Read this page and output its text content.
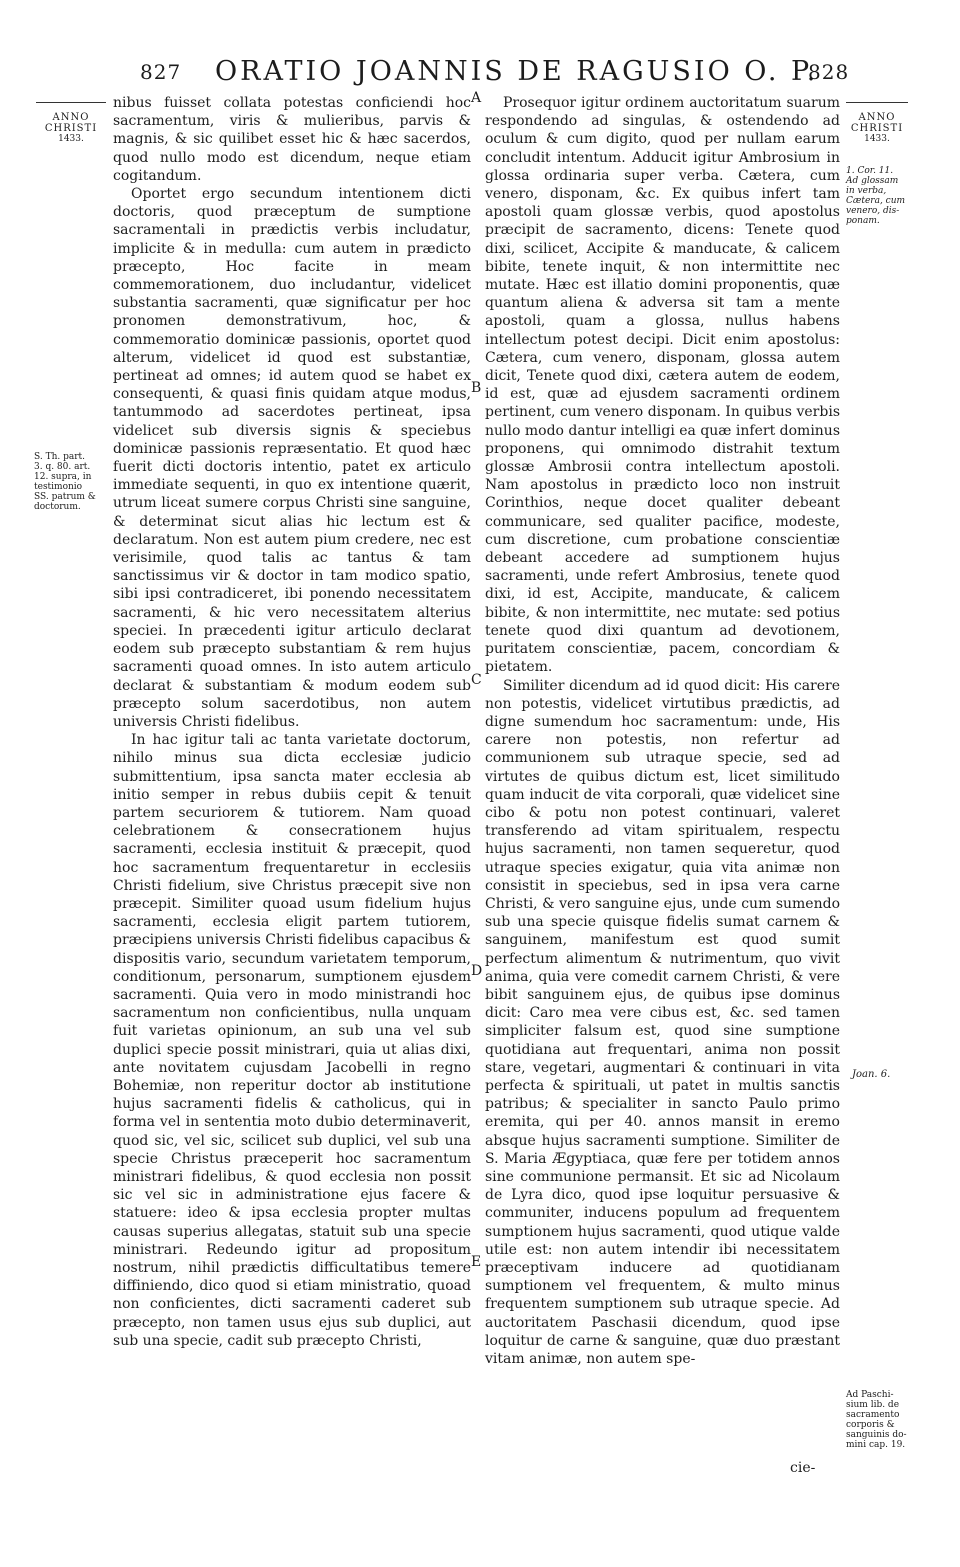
827 ORATIO JOANNIS DE RAGUSIO O. P.
828
ANNO
CHRISTI
1433.
S. Th. part.
3. q. 80. art.
12. supra, in
testimonio
SS. patrum &
doctorum.
ANNO
CHRISTI
1433.
1. Cor. 11.
Ad glossam
in verba,
Cætera, cum
venero, dis-
ponam.
Joan. 6.
Ad Paschi-
sium lib. de
sacramento
corporis &
sanguinis do-
mini cap. 19.
A
B
C
D
E

nibus fuisset collata potestas conficiendi hoc sacramentum, viris & mulieribus, parvis & magnis, & sic quilibet esset hic & hæc sacerdos, quod nullo modo est dicendum, neque etiam cogitandum.

Oportet ergo secundum intentionem dicti doctoris, quod præceptum de sumptione sacramentali in prædictis verbis includatur, implicite & in medulla: cum autem in prædicto præcepto, Hoc facite in meam commemorationem, duo includantur, videlicet substantia sacramenti, quæ significatur per hoc pronomen demonstrativum, hoc, & commemoratio dominicæ passionis, oportet quod alterum, videlicet id quod est substantiæ, pertineat ad omnes; id autem quod se habet ex consequenti, & quasi finis quidam atque modus, tantummodo ad sacerdotes pertineat, ipsa videlicet sub diversis signis & speciebus dominicæ passionis repræsentatio. Et quod hæc fuerit dicti doctoris intentio, patet ex articulo immediate sequenti, in quo ex intentione quærit, utrum liceat sumere corpus Christi sine sanguine, & determinat sicut alias hic lectum est & declaratum. Non est autem pium credere, nec est verisimile, quod talis ac tantus & tam sanctissimus vir & doctor in tam modico spatio, sibi ipsi contradiceret, ibi ponendo necessitatem sacramenti, & hic vero necessitatem alterius speciei. In præcedenti igitur articulo declarat eodem sub præcepto substantiam & rem hujus sacramenti quoad omnes. In isto autem articulo declarat & substantiam & modum eodem sub præcepto solum sacerdotibus, non autem universis Christi fidelibus.

In hac igitur tali ac tanta varietate doctorum, nihilo minus sua dicta ecclesiæ judicio submittentium, ipsa sancta mater ecclesia ab initio semper in rebus dubiis cepit & tenuit partem securiorem & tutiorem. Nam quoad celebrationem & consecrationem hujus sacramenti, ecclesia instituit & præcepit, quod hoc sacramentum frequentaretur in ecclesiis Christi fidelium, sive Christus præcepit sive non præcepit. Similiter quoad usum fidelium hujus sacramenti, ecclesia eligit partem tutiorem, præcipiens universis Christi fidelibus capacibus & dispositis vario, secundum varietatem temporum, conditionum, personarum, sumptionem ejusdem sacramenti. Quia vero in modo ministrandi hoc sacramentum non conficientibus, nulla unquam fuit varietas opinionum, an sub una vel sub duplici specie possit ministrari, quia ut alias dixi, ante novitatem cujusdam Jacobelli in regno Bohemiæ, non reperitur doctor ab institutione hujus sacramenti fidelis & catholicus, qui in forma vel in sententia moto dubio determinaverit, quod sic, vel sic, scilicet sub duplici, vel sub una specie Christus præceperit hoc sacramentum ministrari fidelibus, & quod ecclesia non possit sic vel sic in administratione ejus facere & statuere: ideo & ipsa ecclesia propter multas causas superius allegatas, statuit sub una specie ministrari. Redeundo igitur ad propositum nostrum, nihil prædictis difficultatibus temere diffiniendo, dico quod si etiam ministratio, quoad non conficientes, dicti sacramenti caderet sub præcepto, non tamen usus ejus sub duplici, aut sub una specie, cadit sub præcepto Christi,

Prosequor igitur ordinem auctoritatum suarum respondendo ad singulas, & ostendendo ad oculum & cum digito, quod per nullam earum concludit intentum. Adducit igitur Ambrosium in glossa ordinaria super verba. Cætera, cum venero, disponam, &c. Ex quibus infert tam apostoli quam glossæ verbis, quod apostolus præcipit de sacramento, dicens: Tenete quod dixi, scilicet, Accipite & manducate, & calicem bibite, tenete inquit, & non intermittite nec mutate. Hæc est illatio domini proponentis, quæ quantum aliena & adversa sit tam a mente apostoli, quam a glossa, nullus habens intellectum potest decipi. Dicit enim apostolus: Cætera, cum venero, disponam, glossa autem dicit, Tenete quod dixi, cætera autem de eodem, id est, quæ ad ejusdem sacramenti ordinem pertinent, cum venero disponam. In quibus verbis nullo modo dantur intelligi ea quæ infert dominus proponens, qui omnimodo distrahit textum glossæ Ambrosii contra intellectum apostoli. Nam apostolus in prædicto loco non instruit Corinthios, neque docet qualiter debeant communicare, sed qualiter pacifice, modeste, cum discretione, cum probatione conscientiæ debeant accedere ad sumptionem hujus sacramenti, unde refert Ambrosius, tenete quod dixi, id est, Accipite, manducate, & calicem bibite, & non intermittite, nec mutate: sed potius tenete quod dixi quantum ad devotionem, puritatem conscientiæ, pacem, concordiam & pietatem.

Similiter dicendum ad id quod dicit: His carere non potestis, videlicet virtutibus prædictis, ad digne sumendum hoc sacramentum: unde, His carere non potestis, non refertur ad communionem sub utraque specie, sed ad virtutes de quibus dictum est, licet similitudo quam inducit de vita corporali, quæ videlicet sine cibo & potu non potest continuari, valeret transferendo ad vitam spiritualem, respectu hujus sacramenti, non tamen sequeretur, quod utraque species exigatur, quia vita animæ non consistit in speciebus, sed in ipsa vera carne Christi, & vero sanguine ejus, unde cum sumendo sub una specie quisque fidelis sumat carnem & sanguinem, manifestum est quod sumit perfectum alimentum & nutrimentum, quo vivit anima, quia vere comedit carnem Christi, & vere bibit sanguinem ejus, de quibus ipse dominus dicit: Caro mea vere cibus est, &c. sed tamen simpliciter falsum est, quod sine sumptione quotidiana aut frequentari, anima non possit stare, vegetari, augmentari & continuari in vita perfecta & spirituali, ut patet in multis sanctis patribus; & specialiter in sancto Paulo primo eremita, qui per 40. annos mansit in eremo absque hujus sacramenti sumptione. Similiter de S. Maria Ægyptiaca, quæ fere per totidem annos sine communione permansit. Et sic ad Nicolaum de Lyra dico, quod ipse loquitur persuasive & communiter, inducens populum ad frequentem sumptionem hujus sacramenti, quod utique valde utile est: non autem intendir ibi necessitatem præceptivam inducere ad quotidianam sumptionem vel frequentem, & multo minus frequentem sumptionem sub utraque specie. Ad auctoritatem Paschasii dicendum, quod ipse loquitur de carne & sanguine, quæ duo præstant vitam animæ, non autem spe-

cie-
